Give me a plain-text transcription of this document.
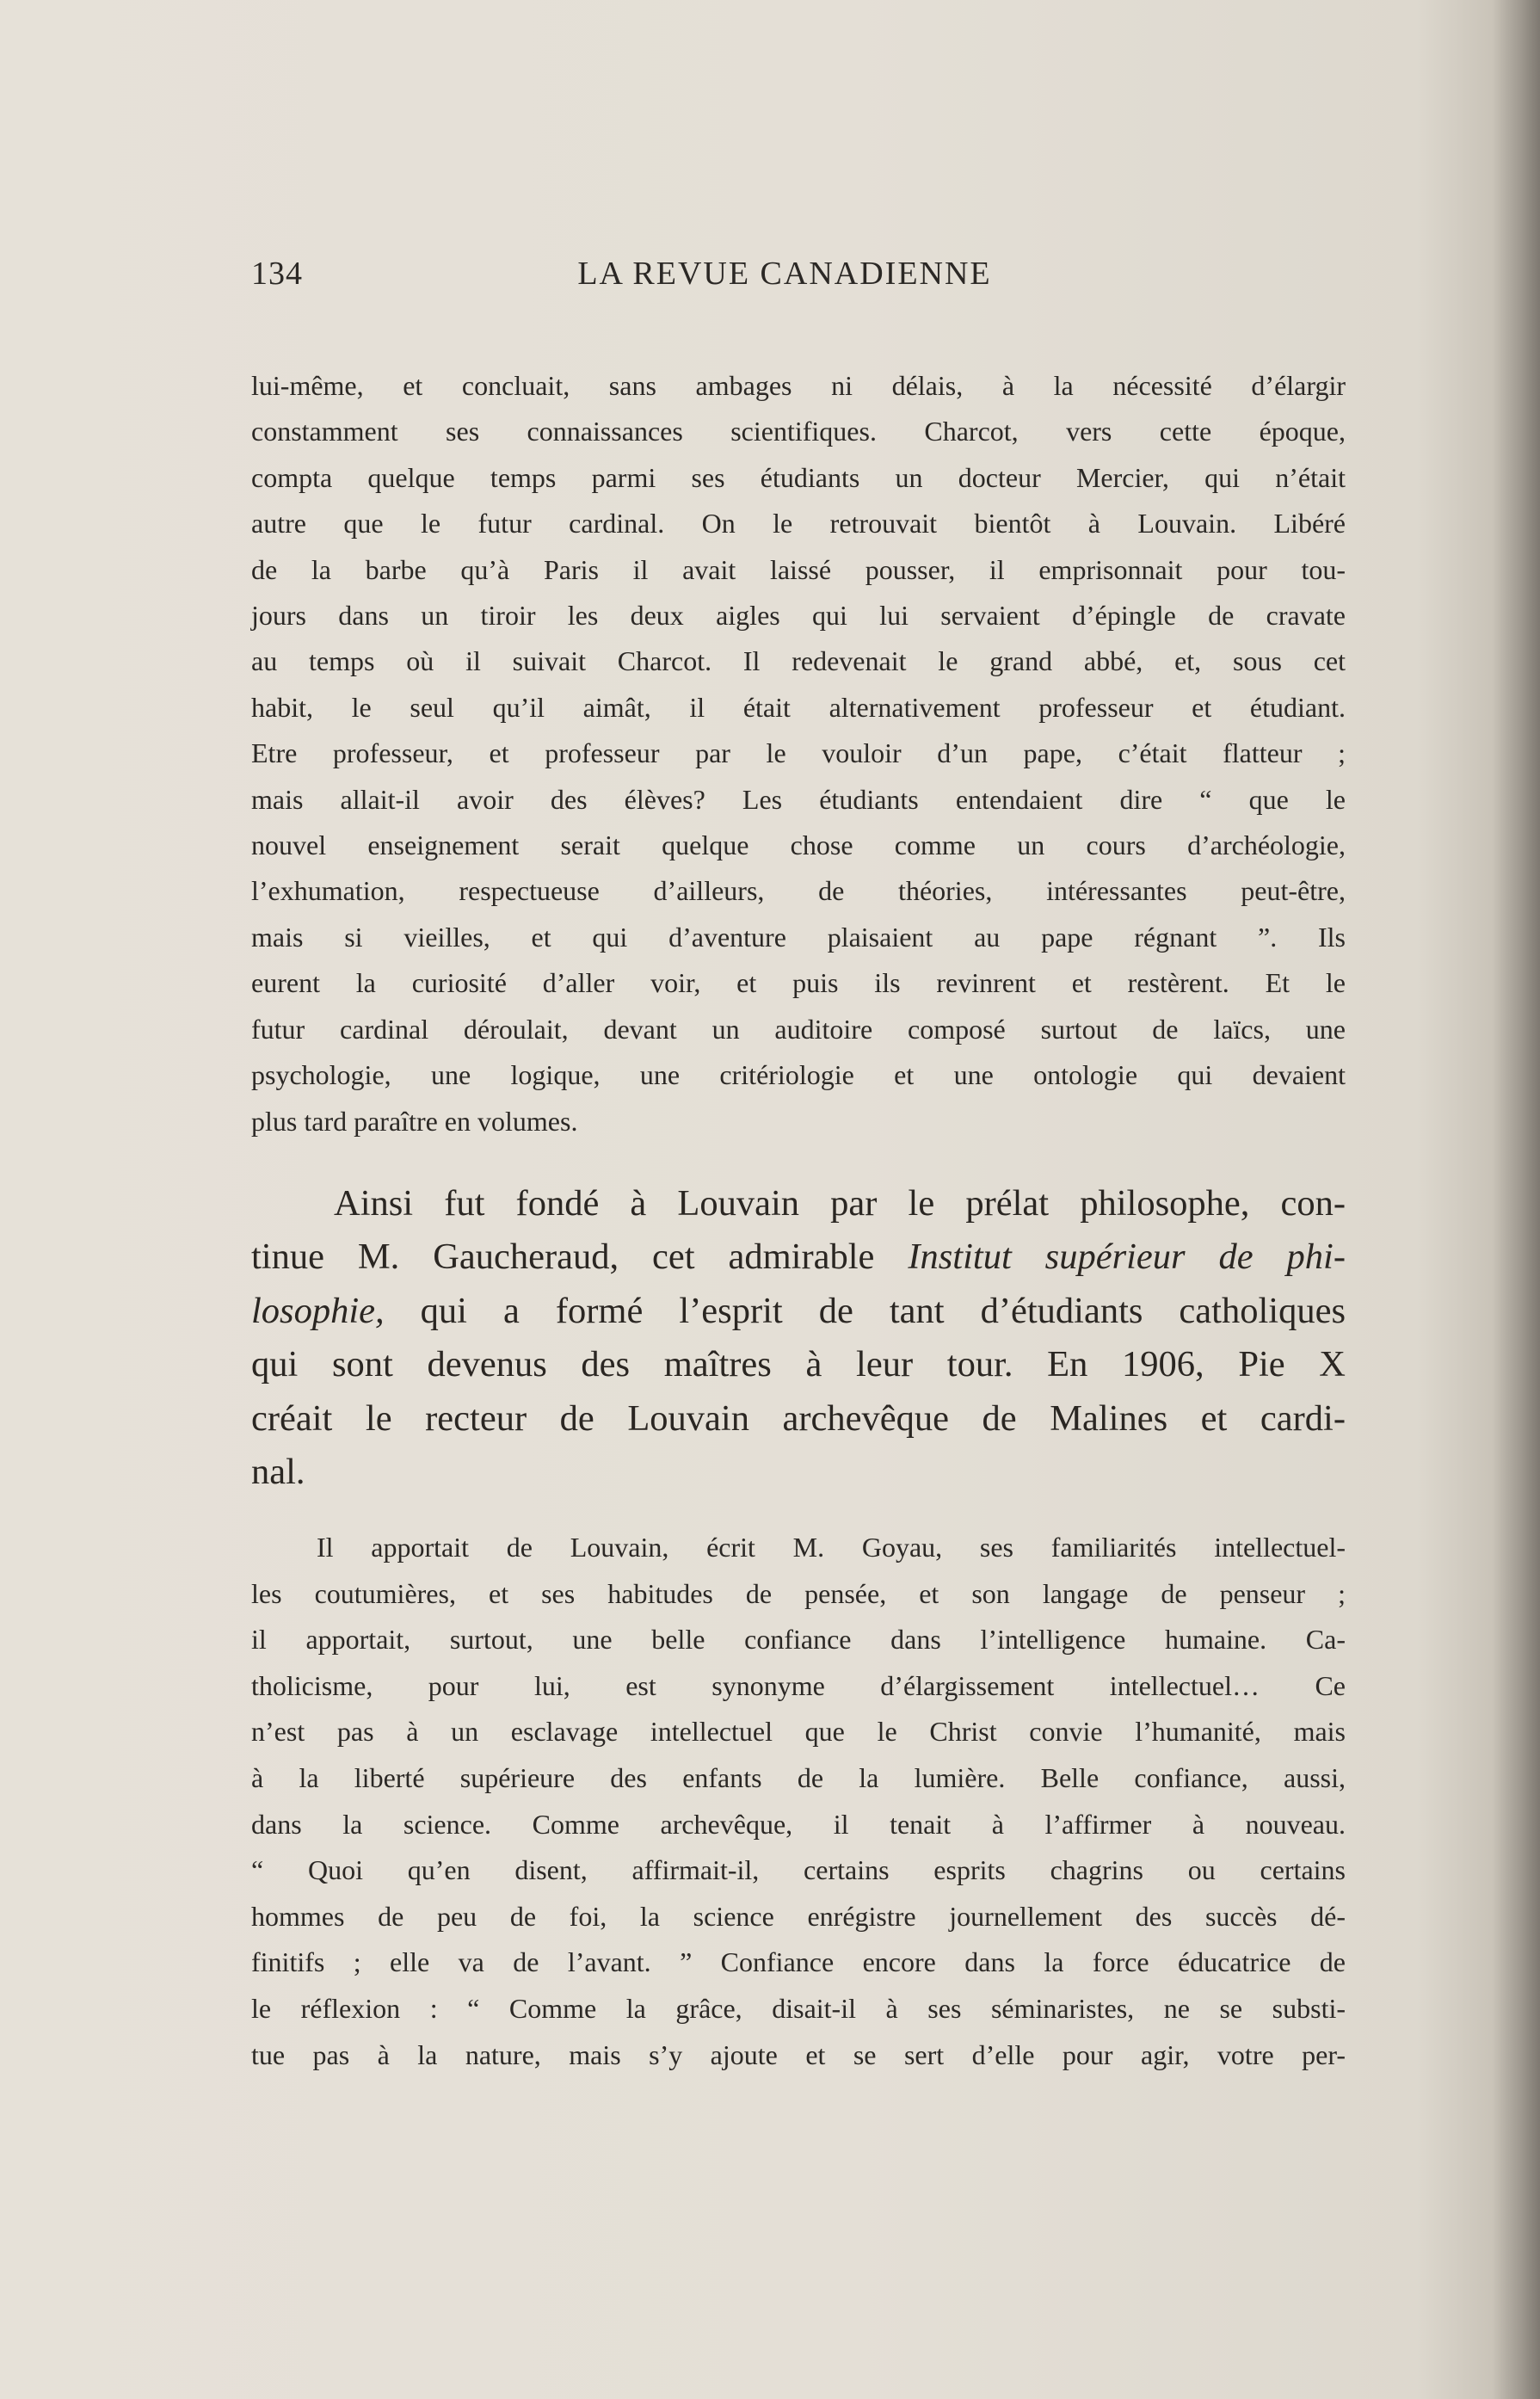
134	LA REVUE CANADIENNE
lui-même, et concluait, sans ambages ni délais, à la nécessité d’élargir
constamment ses connaissances scientifiques. Charcot, vers cette époque,
compta quelque temps parmi ses étudiants un docteur Mercier, qui n’était
autre que le futur cardinal. On le retrouvait bientôt à Louvain. Libéré
de la barbe qu’à Paris il avait laissé pousser, il emprisonnait pour tou-
jours dans un tiroir les deux aigles qui lui servaient d’épingle de cravate
au temps où il suivait Charcot. Il redevenait le grand abbé, et, sous cet
habit, le seul qu’il aimât, il était alternativement professeur et étudiant.
Etre professeur, et professeur par le vouloir d’un pape, c’était flatteur ;
mais allait-il avoir des élèves? Les étudiants entendaient dire “ que le
nouvel enseignement serait quelque chose comme un cours d’archéologie,
l’exhumation, respectueuse d’ailleurs, de théories, intéressantes peut-être,
mais si vieilles, et qui d’aventure plaisaient au pape régnant ”. Ils
eurent la curiosité d’aller voir, et puis ils revinrent et restèrent. Et le
futur cardinal déroulait, devant un auditoire composé surtout de laïcs, une
psychologie, une logique, une critériologie et une ontologie qui devaient
plus tard paraître en volumes.
Ainsi fut fondé à Louvain par le prélat philosophe, con-
tinue M. Gaucheraud, cet admirable Institut supérieur de phi-
losophie, qui a formé l’esprit de tant d’étudiants catholiques
qui sont devenus des maîtres à leur tour. En 1906, Pie X
créait le recteur de Louvain archevêque de Malines et cardi-
nal.
Il apportait de Louvain, écrit M. Goyau, ses familiarités intellectuel-
les coutumières, et ses habitudes de pensée, et son langage de penseur ;
il apportait, surtout, une belle confiance dans l’intelligence humaine. Ca-
tholicisme, pour lui, est synonyme d’élargissement intellectuel… Ce
n’est pas à un esclavage intellectuel que le Christ convie l’humanité, mais
à la liberté supérieure des enfants de la lumière. Belle confiance, aussi,
dans la science. Comme archevêque, il tenait à l’affirmer à nouveau.
“ Quoi qu’en disent, affirmait-il, certains esprits chagrins ou certains
hommes de peu de foi, la science enrégistre journellement des succès dé-
finitifs ; elle va de l’avant. ” Confiance encore dans la force éducatrice de
le réflexion : “ Comme la grâce, disait-il à ses séminaristes, ne se substi-
tue pas à la nature, mais s’y ajoute et se sert d’elle pour agir, votre per-
